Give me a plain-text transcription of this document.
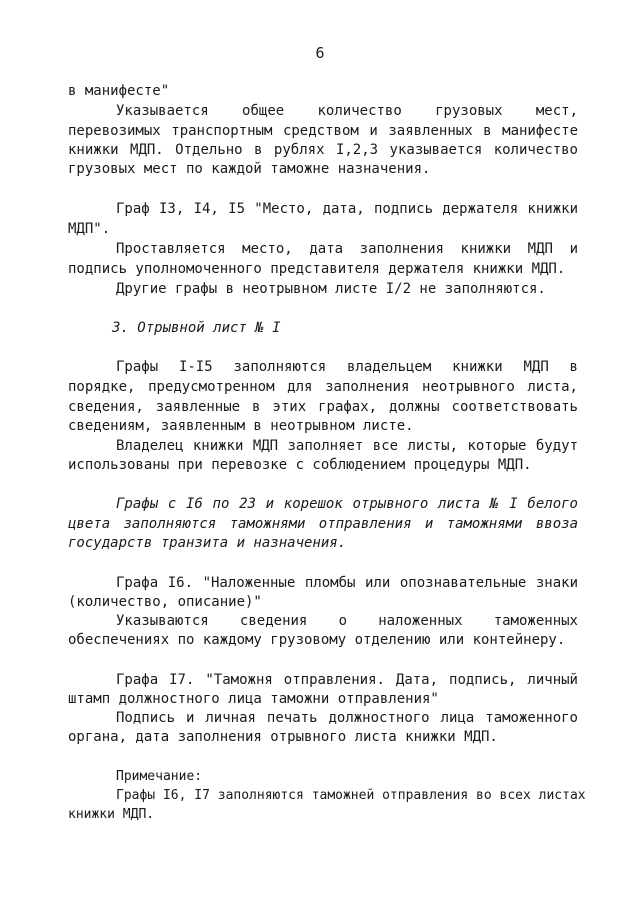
6
в манифесте"
Указывается общее количество грузовых мест,
перевозимых транспортным средством и заявленных в манифесте
книжки МДП. Отдельно в рублях I,2,3 указывается количество
грузовых мест по каждой таможне назначения.
Граф I3, I4, I5 "Место, дата, подпись держателя книжки
МДП".
Проставляется место, дата заполнения книжки МДП и
подпись уполномоченного представителя держателя книжки МДП.
Другие графы в неотрывном листе I/2 не заполняются.
3. Отрывной лист № I
Графы I-I5 заполняются владельцем книжки МДП в
порядке, предусмотренном для заполнения неотрывного листа,
сведения, заявленные в этих графах, должны соответствовать
сведениям, заявленным в неотрывном листе.
Владелец книжки МДП заполняет все листы, которые будут
использованы при перевозке с соблюдением процедуры МДП.
Графы с I6 по 23 и корешок отрывного листа № I белого
цвета заполняются таможнями отправления и таможнями ввоза
государств транзита и назначения.
Графа I6. "Наложенные пломбы или опознавательные знаки
(количество, описание)"
Указываются сведения о наложенных таможенных
обеспечениях по каждому грузовому отделению или контейнеру.
Графа I7. "Таможня отправления. Дата, подпись, личный
штамп должностного лица таможни отправления"
Подпись и личная печать должностного лица таможенного
органа, дата заполнения отрывного листа книжки МДП.
Примечание:
Графы I6, I7 заполняются таможней отправления во всех листах
книжки МДП.
